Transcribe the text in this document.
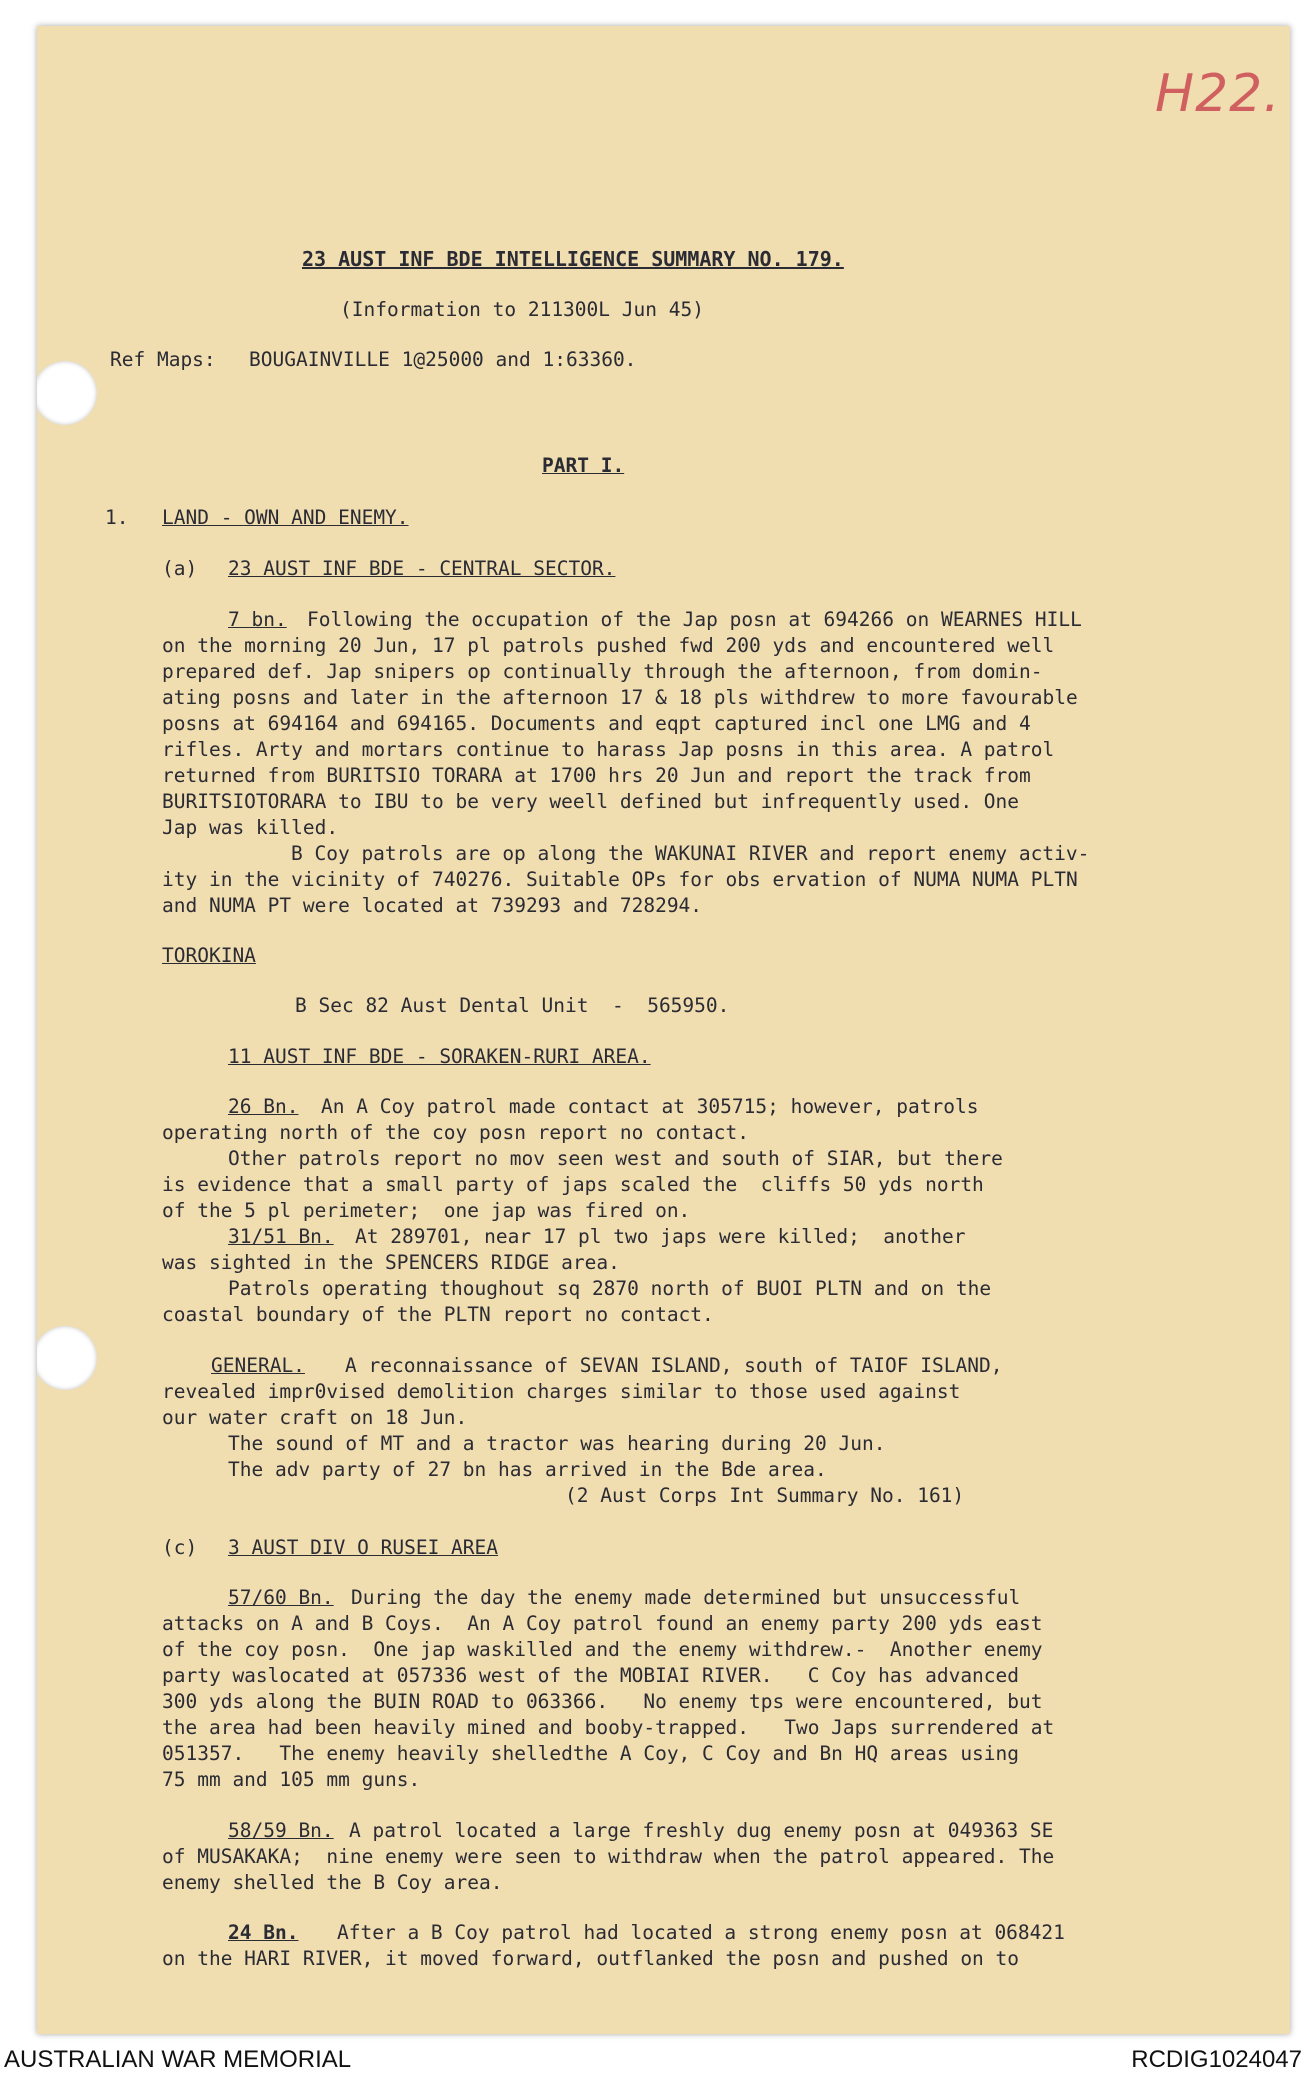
H22.
23 AUST INF BDE INTELLIGENCE SUMMARY NO. 179.
(Information to 211300L Jun 45)
Ref Maps: BOUGAINVILLE 1@25000 and 1:63360.
PART I.
1. LAND - OWN AND ENEMY.
(a) 23 AUST INF BDE - CENTRAL SECTOR.
7 bn. Following the occupation of the Jap posn at 694266 on WEARNES HILL
on the morning 20 Jun, 17 pl patrols pushed fwd 200 yds and encountered well
prepared def. Jap snipers op continually through the afternoon, from domin-
ating posns and later in the afternoon 17 & 18 pls withdrew to more favourable
posns at 694164 and 694165. Documents and eqpt captured incl one LMG and 4
rifles. Arty and mortars continue to harass Jap posns in this area. A patrol
returned from BURITSIO TORARA at 1700 hrs 20 Jun and report the track from
BURITSIOTORARA to IBU to be very weell defined but infrequently used. One
Jap was killed.
B Coy patrols are op along the WAKUNAI RIVER and report enemy activ-
ity in the vicinity of 740276. Suitable OPs for obs ervation of NUMA NUMA PLTN
and NUMA PT were located at 739293 and 728294.
TOROKINA
B Sec 82 Aust Dental Unit  -  565950.
11 AUST INF BDE - SORAKEN-RURI AREA.
26 Bn. An A Coy patrol made contact at 305715; however, patrols
operating north of the coy posn report no contact.
Other patrols report no mov seen west and south of SIAR, but there
is evidence that a small party of japs scaled the  cliffs 50 yds north
of the 5 pl perimeter;  one jap was fired on.
31/51 Bn. At 289701, near 17 pl two japs were killed;  another
was sighted in the SPENCERS RIDGE area.
Patrols operating thoughout sq 2870 north of BUOI PLTN and on the
coastal boundary of the PLTN report no contact.
GENERAL. A reconnaissance of SEVAN ISLAND, south of TAIOF ISLAND,
revealed impr0vised demolition charges similar to those used against
our water craft on 18 Jun.
The sound of MT and a tractor was hearing during 20 Jun.
The adv party of 27 bn has arrived in the Bde area.
(2 Aust Corps Int Summary No. 161)
(c) 3 AUST DIV O RUSEI AREA
57/60 Bn. During the day the enemy made determined but unsuccessful
attacks on A and B Coys.  An A Coy patrol found an enemy party 200 yds east
of the coy posn.  One jap waskilled and the enemy withdrew.-  Another enemy
party waslocated at 057336 west of the MOBIAI RIVER.   C Coy has advanced
300 yds along the BUIN ROAD to 063366.   No enemy tps were encountered, but
the area had been heavily mined and booby-trapped.   Two Japs surrendered at
051357.   The enemy heavily shelledthe A Coy, C Coy and Bn HQ areas using
75 mm and 105 mm guns.
58/59 Bn. A patrol located a large freshly dug enemy posn at 049363 SE
of MUSAKAKA;  nine enemy were seen to withdraw when the patrol appeared. The
enemy shelled the B Coy area.
24 Bn. After a B Coy patrol had located a strong enemy posn at 068421
on the HARI RIVER, it moved forward, outflanked the posn and pushed on to
AUSTRALIAN WAR MEMORIAL	RCDIG1024047
